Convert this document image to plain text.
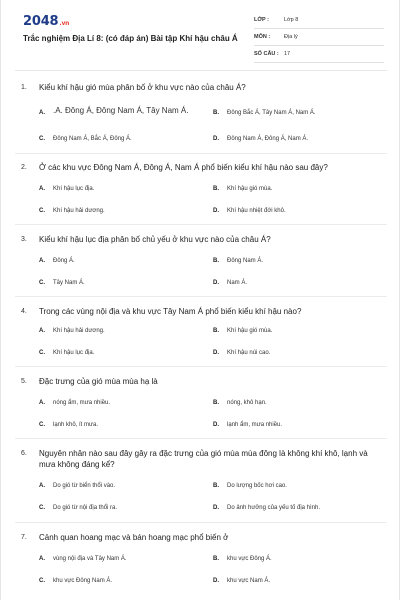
2048.vn
Trắc nghiệm Địa Lí 8: (có đáp án) Bài tập Khí hậu châu Á
LỚP :	Lớp 8
MÔN :	Địa lý
SỐ CÂU : 17
1. Kiểu khí hậu gió mùa phân bố ở khu vực nào của châu Á?
A. .A. Đông Á, Đông Nam Á, Tây Nam Á.	B. Đông Bắc Á, Tây Nam Á, Nam Á.
C. Đông Nam Á, Bắc Á, Đông Á.	D. Đông Nam Á, Đông Á, Nam Á.
2. Ở các khu vực Đông Nam Á, Đông Á, Nam Á phổ biến kiểu khí hậu nào sau đây?
A. Khí hậu lục địa.	B. Khí hậu gió mùa.
C. Khí hậu hải dương.	D. Khí hậu nhiệt đới khô.
3. Kiểu khí hậu lục địa phân bố chủ yếu ở khu vực nào của châu Á?
A. Đông Á.	B. Đông Nam Á.
C. Tây Nam Á.	D. Nam Á.
4. Trong các vùng nội địa và khu vực Tây Nam Á phổ biến kiểu khí hậu nào?
A. Khí hậu hải dương.	B. Khí hậu gió mùa.
C. Khí hậu lục địa.	D. Khí hậu núi cao.
5. Đặc trưng của gió mùa mùa hạ là
A. nóng ẩm, mưa nhiều.	B. nóng, khô hạn.
C. lạnh khô, ít mưa.	D. lạnh ẩm, mưa nhiều.
6. Nguyên nhân nào sau đây gây ra đặc trưng của gió mùa mùa đông là không khí khô, lạnh và mưa không đáng kể?
A. Do gió từ biển thổi vào.	B. Do lượng bốc hơi cao.
C. Do gió từ nội địa thổi ra.	D. Do ảnh hưởng của yếu tố địa hình.
7. Cảnh quan hoang mạc và bán hoang mạc phổ biến ở
A. vùng nội địa và Tây Nam Á.	B. khu vực Đông Á.
C. khu vực Đông Nam Á.	D. khu vực Nam Á.
